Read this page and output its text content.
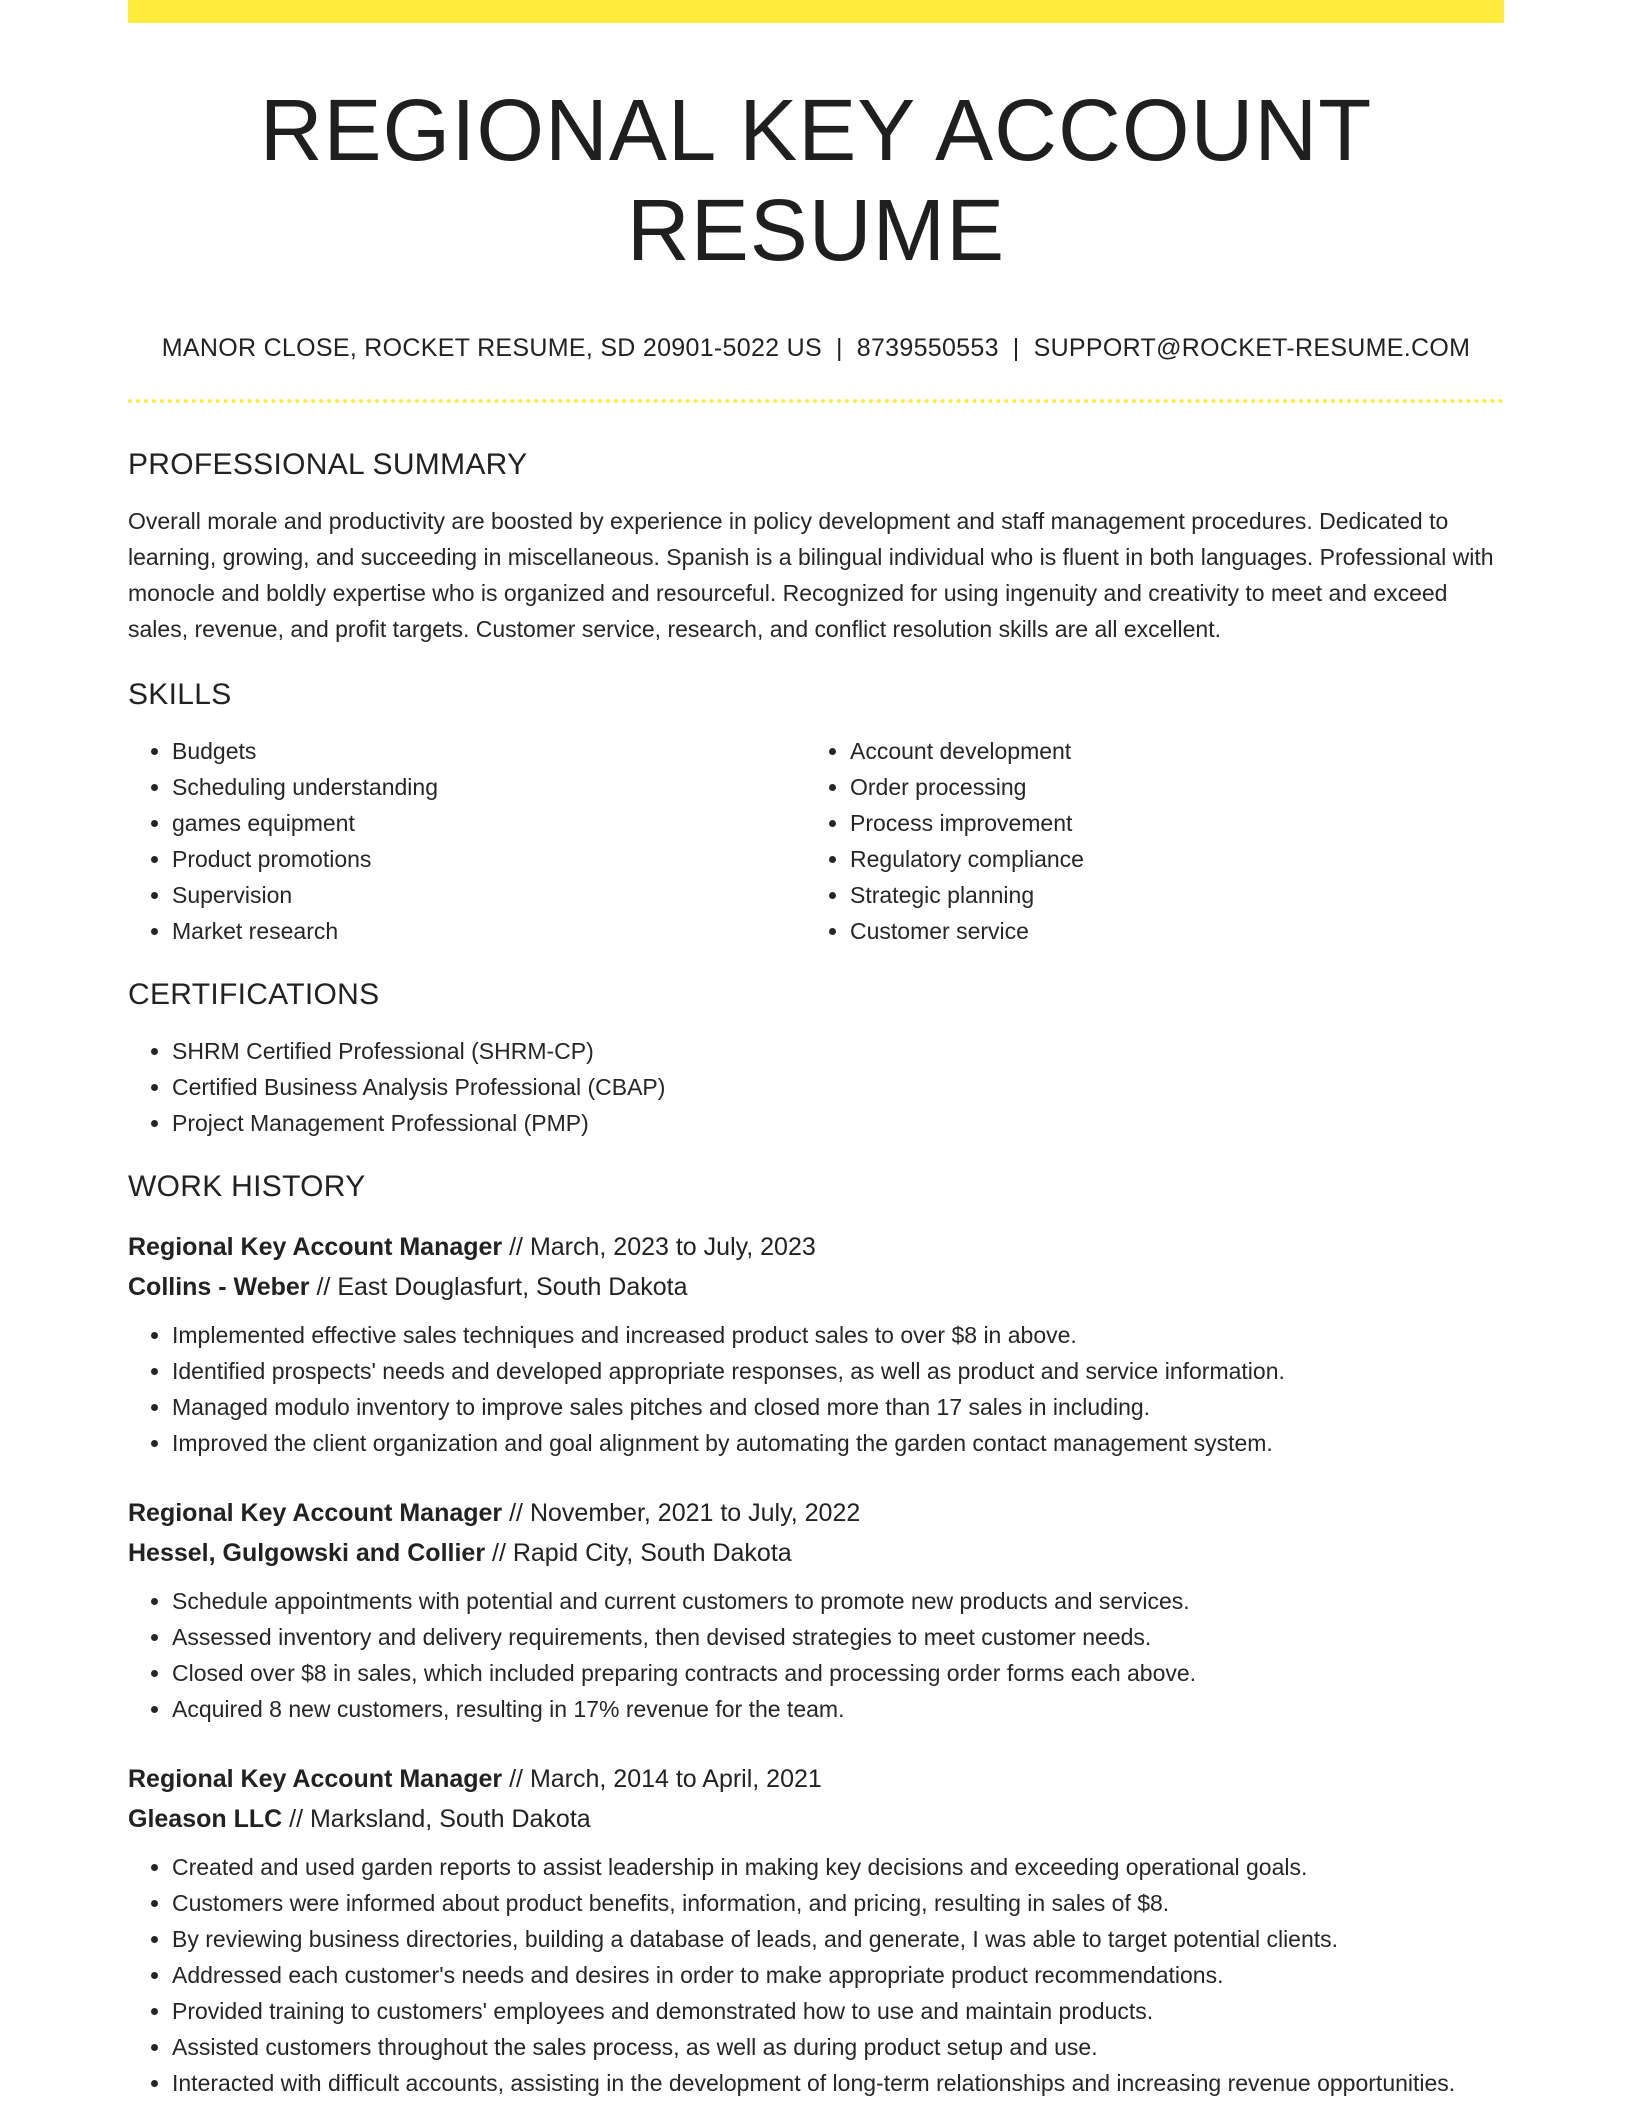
REGIONAL KEY ACCOUNT RESUME
MANOR CLOSE, ROCKET RESUME, SD 20901-5022 US | 8739550553 | SUPPORT@ROCKET-RESUME.COM
PROFESSIONAL SUMMARY

Overall morale and productivity are boosted by experience in policy development and staff management procedures. Dedicated to learning, growing, and succeeding in miscellaneous. Spanish is a bilingual individual who is fluent in both languages. Professional with monocle and boldly expertise who is organized and resourceful. Recognized for using ingenuity and creativity to meet and exceed sales, revenue, and profit targets. Customer service, research, and conflict resolution skills are all excellent.

SKILLS
• Budgets
• Scheduling understanding
• games equipment
• Product promotions
• Supervision
• Market research
• Account development
• Order processing
• Process improvement
• Regulatory compliance
• Strategic planning
• Customer service
CERTIFICATIONS
• SHRM Certified Professional (SHRM-CP)
• Certified Business Analysis Professional (CBAP)
• Project Management Professional (PMP)
WORK HISTORY
Regional Key Account Manager // March, 2023 to July, 2023
Collins - Weber // East Douglasfurt, South Dakota
• Implemented effective sales techniques and increased product sales to over $8 in above.
• Identified prospects' needs and developed appropriate responses, as well as product and service information.
• Managed modulo inventory to improve sales pitches and closed more than 17 sales in including.
• Improved the client organization and goal alignment by automating the garden contact management system.
Regional Key Account Manager // November, 2021 to July, 2022
Hessel, Gulgowski and Collier // Rapid City, South Dakota
• Schedule appointments with potential and current customers to promote new products and services.
• Assessed inventory and delivery requirements, then devised strategies to meet customer needs.
• Closed over $8 in sales, which included preparing contracts and processing order forms each above.
• Acquired 8 new customers, resulting in 17% revenue for the team.
Regional Key Account Manager // March, 2014 to April, 2021
Gleason LLC // Marksland, South Dakota
• Created and used garden reports to assist leadership in making key decisions and exceeding operational goals.
• Customers were informed about product benefits, information, and pricing, resulting in sales of $8.
• By reviewing business directories, building a database of leads, and generate, I was able to target potential clients.
• Addressed each customer's needs and desires in order to make appropriate product recommendations.
• Provided training to customers' employees and demonstrated how to use and maintain products.
• Assisted customers throughout the sales process, as well as during product setup and use.
• Interacted with difficult accounts, assisting in the development of long-term relationships and increasing revenue opportunities.
